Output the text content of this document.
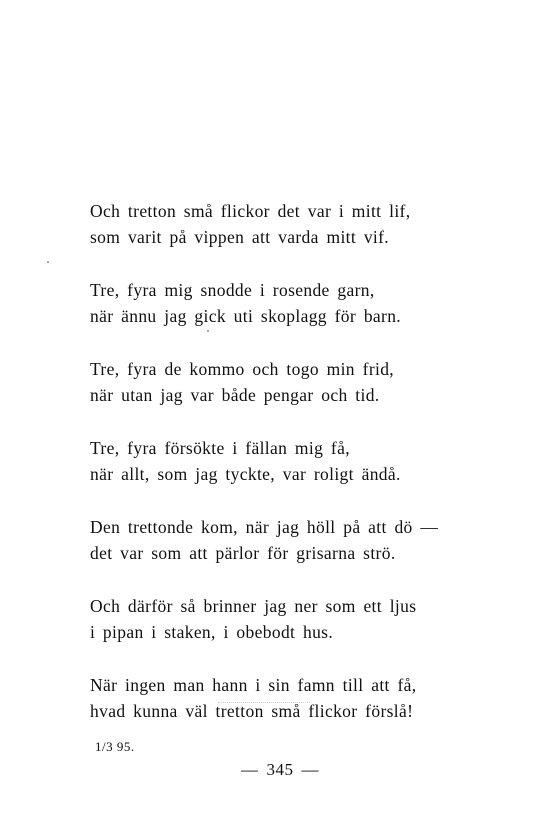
Och tretton små flickor det var i mitt lif,
som varit på vippen att varda mitt vif.
Tre, fyra mig snodde i rosende garn,
när ännu jag gick uti skoplagg för barn.
Tre, fyra de kommo och togo min frid,
när utan jag var både pengar och tid.
Tre, fyra försökte i fällan mig få,
när allt, som jag tyckte, var roligt ändå.
Den trettonde kom, när jag höll på att dö —
det var som att pärlor för grisarna strö.
Och därför så brinner jag ner som ett ljus
i pipan i staken, i obebodt hus.
När ingen man hann i sin famn till att få,
hvad kunna väl tretton små flickor förslå!
1/3 95.
— 345 —
